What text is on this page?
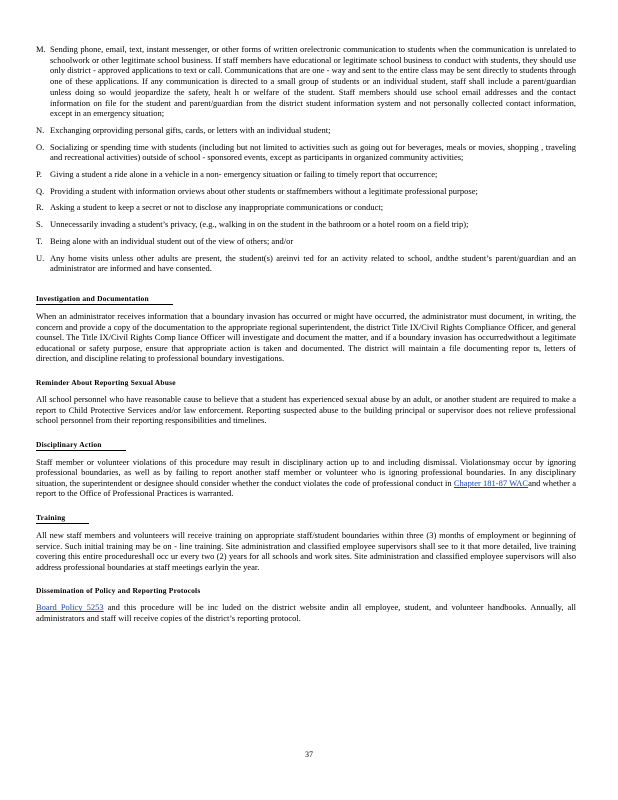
M. Sending phone, email, text, instant messenger, or other forms of written orelectronic communication to students when the communication is unrelated to schoolwork or other legitimate school business. If staff members have educational or legitimate school business to conduct with students, they should use only district - approved applications to text or call. Communications that are one - way and sent to the entire class may be sent directly to students through one of these applications. If any communication is directed to a small group of students or an individual student, staff shall include a parent/guardian unless doing so would jeopardize the safety, healt h or welfare of the student. Staff members should use school email addresses and the contact information on file for the student and parent/guardian from the district student information system and not personally collected contact information, except in an emergency situation;
N. Exchanging orproviding personal gifts, cards, or letters with an individual student;
O. Socializing or spending time with students (including but not limited to activities such as going out for beverages, meals or movies, shopping , traveling and recreational activities) outside of school - sponsored events, except as participants in organized community activities;
P. Giving a student a ride alone in a vehicle in a non- emergency situation or failing to timely report that occurrence;
Q. Providing a student with information orviews about other students or staffmembers without a legitimate professional purpose;
R. Asking a student to keep a secret or not to disclose any inappropriate communications or conduct;
S. Unnecessarily invading a student’s privacy, (e.g., walking in on the student in the bathroom or a hotel room on a field trip);
T. Being alone with an individual student out of the view of others; and/or
U. Any home visits unless other adults are present, the student(s) areinvi ted for an activity related to school, andthe student’s parent/guardian and an administrator are informed and have consented.
Investigation and Documentation

When an administrator receives information that a boundary invasion has occurred or might have occurred, the administrator must document, in writing, the concern and provide a copy of the documentation to the appropriate regional superintendent, the district Title IX/Civil Rights Compliance Officer, and general counsel. The Title IX/Civil Rights Comp liance Officer will investigate and document the matter, and if a boundary invasion has occurredwithout a legitimate educational or safety purpose, ensure that appropriate action is taken and documented. The district will maintain a file documenting repor ts, letters of direction, and discipline relating to professional boundary investigations.

Reminder About Reporting Sexual Abuse

All school personnel who have reasonable cause to believe that a student has experienced sexual abuse by an adult, or another student are required to make a report to Child Protective Services and/or law enforcement. Reporting suspected abuse to the building principal or supervisor does not relieve professional school personnel from their reporting responsibilities and timelines.

Disciplinary Action

Staff member or volunteer violations of this procedure may result in disciplinary action up to and including dismissal. Violationsmay occur by ignoring professional boundaries, as well as by failing to report another staff member or volunteer who is ignoring professional boundaries. In any disciplinary situation, the superintendent or designee should consider whether the conduct violates the code of professional conduct in Chapter 181-87 WACand whether a report to the Office of Professional Practices is warranted.

Training

All new staff members and volunteers will receive training on appropriate staff/student boundaries within three (3) months of employment or beginning of service. Such initial training may be on - line training. Site administration and classified employee supervisors shall see to it that more detailed, live training covering this entire procedureshall occ ur every two (2) years for all schools and work sites. Site administration and classified employee supervisors will also address professional boundaries at staff meetings earlyin the year.

Dissemination of Policy and Reporting Protocols

Board Policy 5253 and this procedure will be inc luded on the district website andin all employee, student, and volunteer handbooks. Annually, all administrators and staff will receive copies of the district’s reporting protocol.

37
